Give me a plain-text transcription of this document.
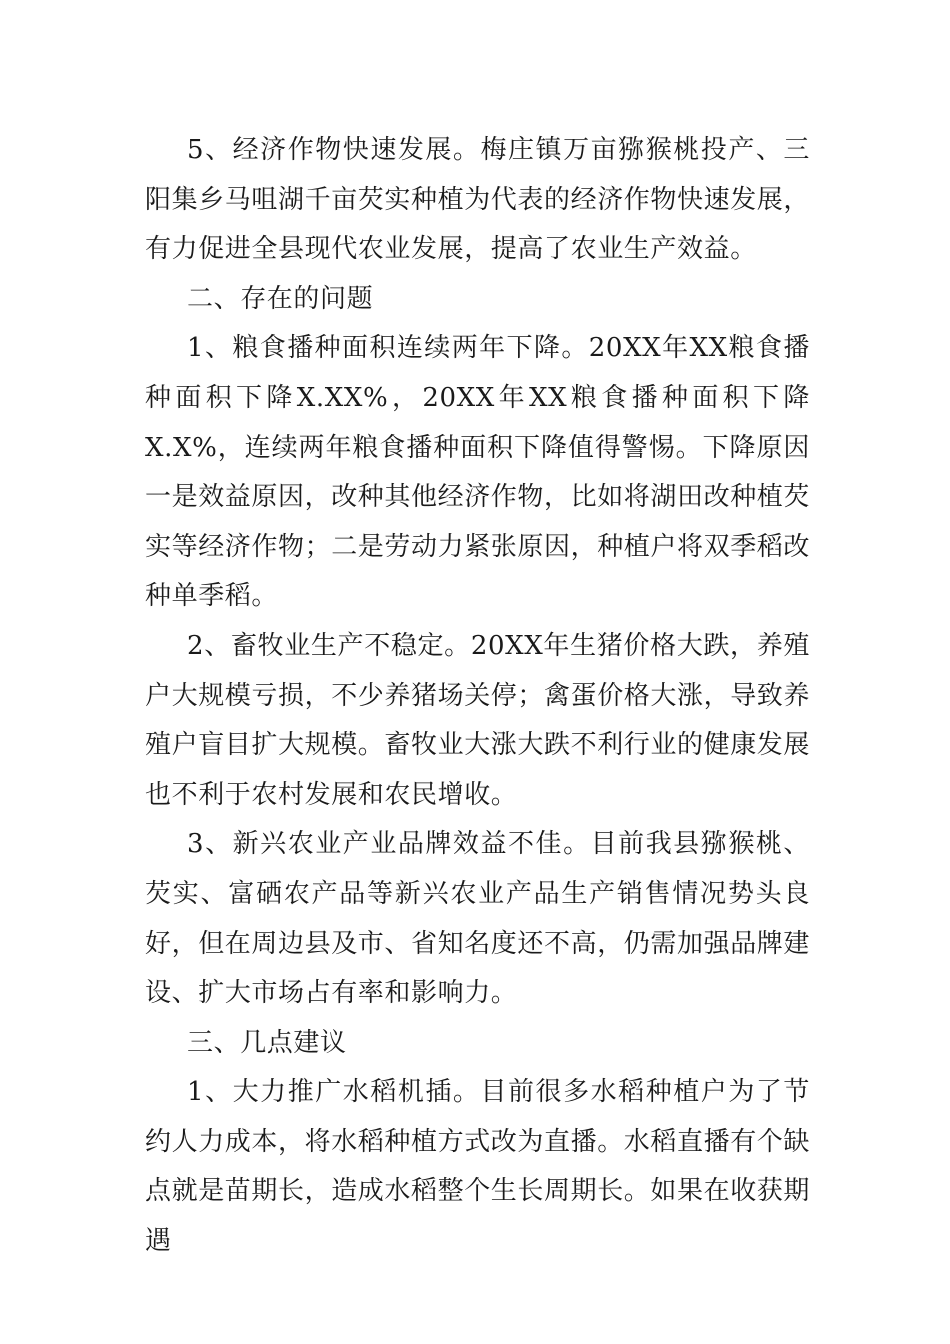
5、经济作物快速发展。梅庄镇万亩猕猴桃投产、三阳集乡马咀湖千亩芡实种植为代表的经济作物快速发展，有力促进全县现代农业发展，提高了农业生产效益。

二、存在的问题

1、粮食播种面积连续两年下降。20XX年XX粮食播种面积下降X.XX%，20XX年XX粮食播种面积下降X.X%，连续两年粮食播种面积下降值得警惕。下降原因一是效益原因，改种其他经济作物，比如将湖田改种植芡实等经济作物；二是劳动力紧张原因，种植户将双季稻改种单季稻。

2、畜牧业生产不稳定。20XX年生猪价格大跌，养殖户大规模亏损，不少养猪场关停；禽蛋价格大涨，导致养殖户盲目扩大规模。畜牧业大涨大跌不利行业的健康发展也不利于农村发展和农民增收。

3、新兴农业产业品牌效益不佳。目前我县猕猴桃、芡实、富硒农产品等新兴农业产品生产销售情况势头良好，但在周边县及市、省知名度还不高，仍需加强品牌建设、扩大市场占有率和影响力。

三、几点建议

1、大力推广水稻机插。目前很多水稻种植户为了节约人力成本，将水稻种植方式改为直播。水稻直播有个缺点就是苗期长，造成水稻整个生长周期长。如果在收获期遇
